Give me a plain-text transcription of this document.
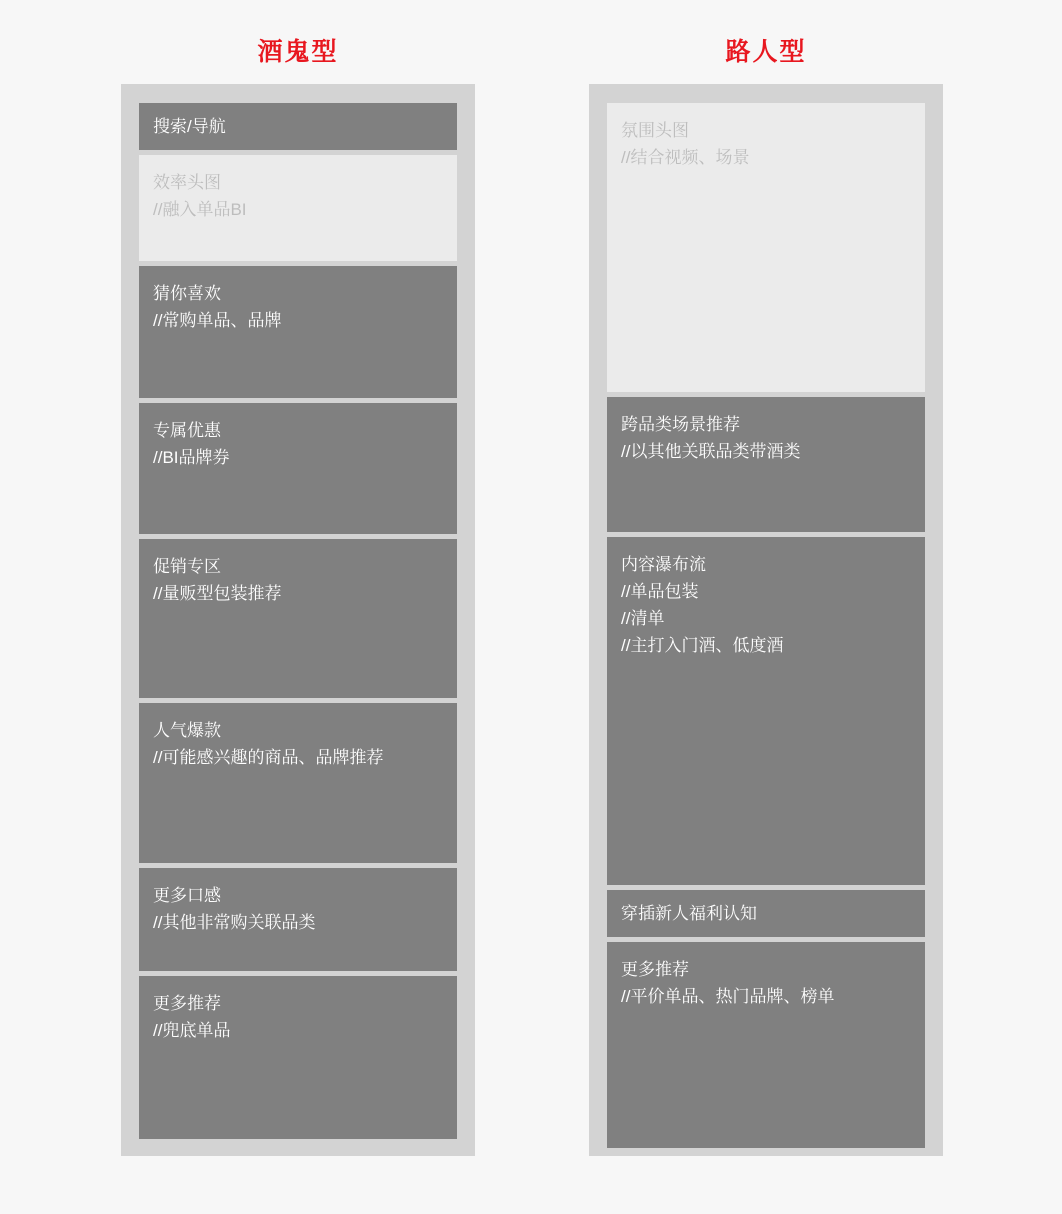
酒鬼型
搜索/导航
效率头图
//融入单品BI
猜你喜欢
//常购单品、品牌
专属优惠
//BI品牌券
促销专区
//量贩型包装推荐
人气爆款
//可能感兴趣的商品、品牌推荐
更多口感
//其他非常购关联品类
更多推荐
//兜底单品
路人型
氛围头图
//结合视频、场景
跨品类场景推荐
//以其他关联品类带酒类
内容瀑布流
//单品包装
//清单
//主打入门酒、低度酒
穿插新人福利认知
更多推荐
//平价单品、热门品牌、榜单
